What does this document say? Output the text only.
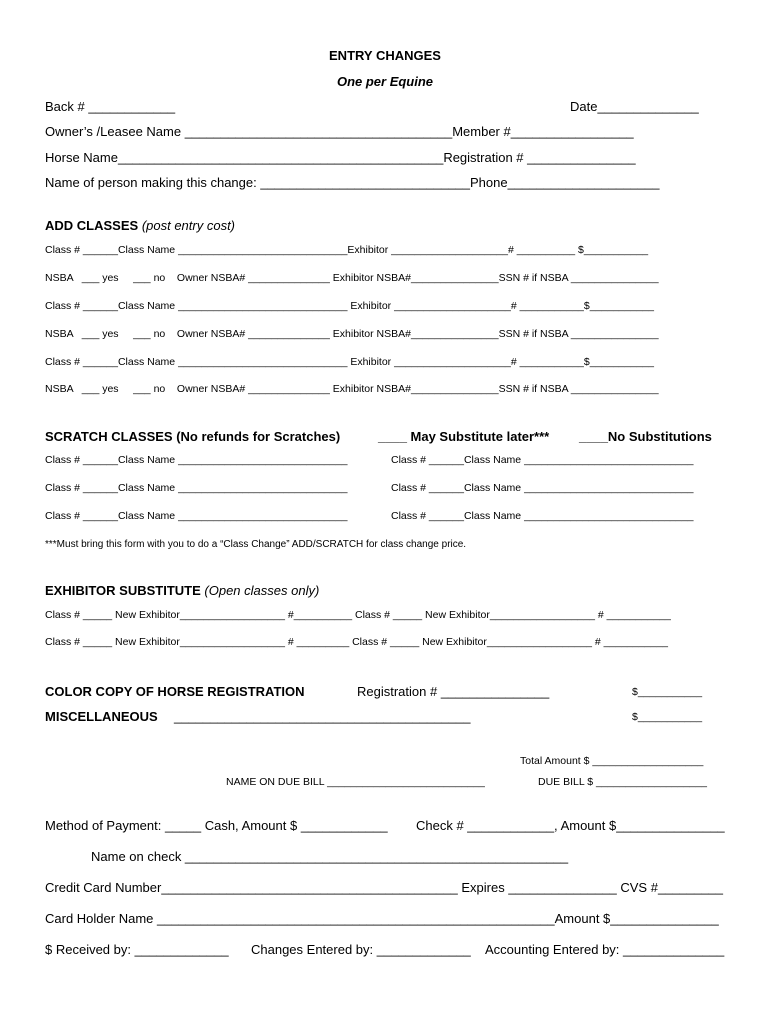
ENTRY CHANGES
One per Equine
Back # ____________	Date______________
Owner’s /Leasee Name _____________________________________Member #_________________
Horse Name_____________________________________________Registration # _______________
Name of person making this change: _____________________________Phone_____________________
ADD CLASSES (post entry cost)
Class # ______Class Name _____________________________Exhibitor ____________________# __________ $___________
NSBA   ___ yes     ___ no    Owner NSBA# ______________ Exhibitor NSBA#_______________SSN # if NSBA _______________
Class # ______Class Name _____________________________ Exhibitor ____________________# ___________$___________
NSBA   ___ yes     ___ no    Owner NSBA# ______________ Exhibitor NSBA#_______________SSN # if NSBA _______________
Class # ______Class Name _____________________________ Exhibitor ____________________# ___________$___________
NSBA   ___ yes     ___ no    Owner NSBA# ______________ Exhibitor NSBA#_______________SSN # if NSBA _______________
SCRATCH CLASSES (No refunds for Scratches)	____ May Substitute later*** ____No Substitutions
Class # ______Class Name _____________________________	Class # ______Class Name _____________________________
Class # ______Class Name _____________________________	Class # ______Class Name _____________________________
Class # ______Class Name _____________________________	Class # ______Class Name _____________________________
***Must bring this form with you to do a “Class Change” ADD/SCRATCH for class change price.
EXHIBITOR SUBSTITUTE (Open classes only)
Class # _____ New Exhibitor__________________ #__________ Class # _____ New Exhibitor__________________ # ___________
Class # _____ New Exhibitor__________________ # _________ Class # _____ New Exhibitor__________________ # ___________
COLOR COPY OF HORSE REGISTRATION	Registration # _______________	$___________
MISCELLANEOUS _________________________________________	$___________
Total Amount $ ___________________
NAME ON DUE BILL ___________________________	DUE BILL $ ___________________
Method of Payment: _____ Cash, Amount $ ____________ Check # ____________, Amount $_______________
Name on check _____________________________________________________
Credit Card Number_________________________________________ Expires _______________ CVS #_________
Card Holder Name _______________________________________________________Amount $_______________
$ Received by: _____________ Changes Entered by: _____________ Accounting Entered by: ______________
